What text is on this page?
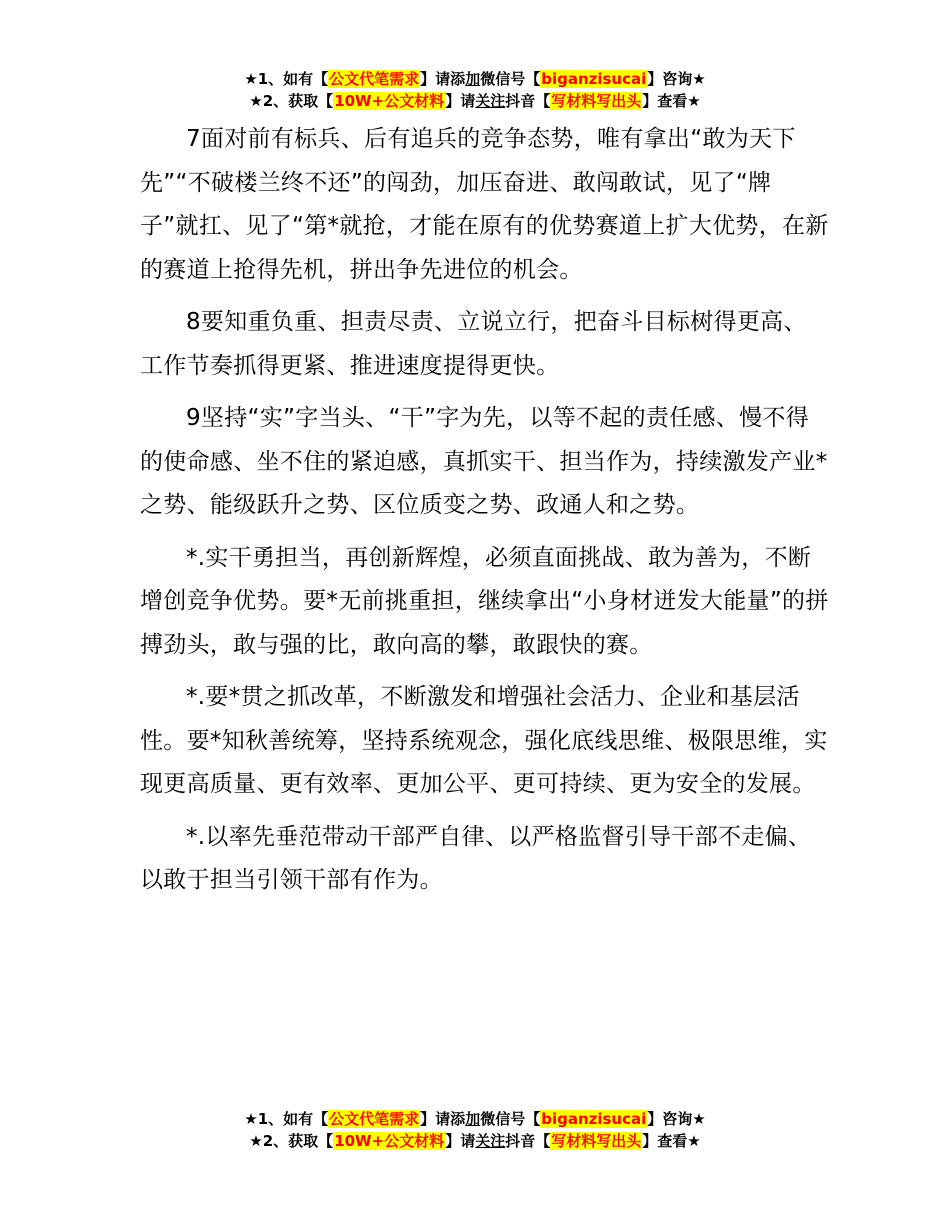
★1、如有【公文代笔需求】请添加微信号【biganzisucai】咨询★
★2、获取【10W+公文材料】请关注抖音【写材料写出头】查看★

7面对前有标兵、后有追兵的竞争态势，唯有拿出“敢为天下先”“不破楼兰终不还”的闯劲，加压奋进、敢闯敢试，见了“牌子”就扛、见了“第*就抢，才能在原有的优势赛道上扩大优势，在新的赛道上抢得先机，拼出争先进位的机会。

8要知重负重、担责尽责、立说立行，把奋斗目标树得更高、工作节奏抓得更紧、推进速度提得更快。

9坚持“实”字当头、“干”字为先，以等不起的责任感、慢不得的使命感、坐不住的紧迫感，真抓实干、担当作为，持续激发产业*之势、能级跃升之势、区位质变之势、政通人和之势。

*.实干勇担当，再创新辉煌，必须直面挑战、敢为善为，不断增创竞争优势。要*无前挑重担，继续拿出“小身材迸发大能量”的拼搏劲头，敢与强的比，敢向高的攀，敢跟快的赛。

*.要*贯之抓改革，不断激发和增强社会活力、企业和基层活性。要*知秋善统筹，坚持系统观念，强化底线思维、极限思维，实现更高质量、更有效率、更加公平、更可持续、更为安全的发展。

*.以率先垂范带动干部严自律、以严格监督引导干部不走偏、以敢于担当引领干部有作为。

★1、如有【公文代笔需求】请添加微信号【biganzisucai】咨询★
★2、获取【10W+公文材料】请关注抖音【写材料写出头】查看★
